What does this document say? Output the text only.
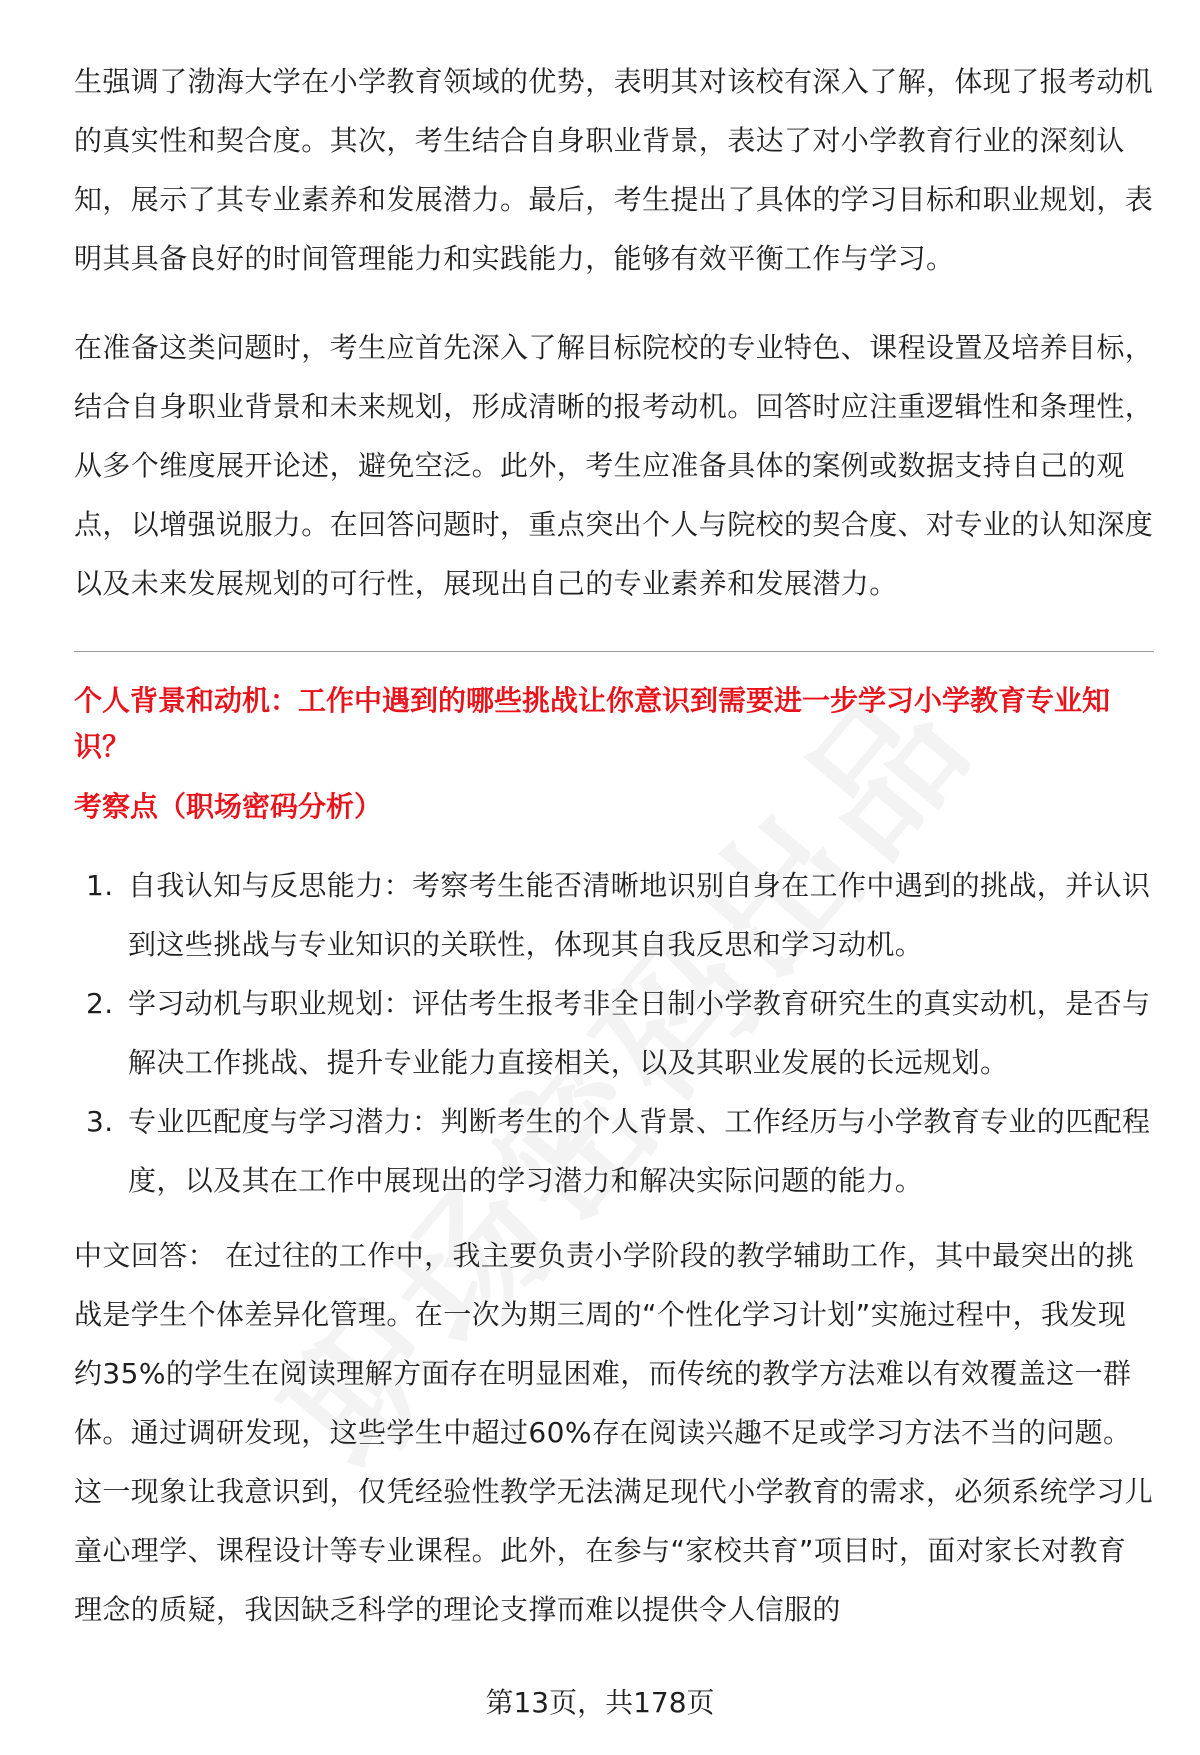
生强调了渤海大学在小学教育领域的优势，表明其对该校有深入了解，体现了报考动机的真实性和契合度。其次，考生结合自身职业背景，表达了对小学教育行业的深刻认知，展示了其专业素养和发展潜力。最后，考生提出了具体的学习目标和职业规划，表明其具备良好的时间管理能力和实践能力，能够有效平衡工作与学习。

在准备这类问题时，考生应首先深入了解目标院校的专业特色、课程设置及培养目标，结合自身职业背景和未来规划，形成清晰的报考动机。回答时应注重逻辑性和条理性，从多个维度展开论述，避免空泛。此外，考生应准备具体的案例或数据支持自己的观点，以增强说服力。在回答问题时，重点突出个人与院校的契合度、对专业的认知深度以及未来发展规划的可行性，展现出自己的专业素养和发展潜力。

个人背景和动机：工作中遇到的哪些挑战让你意识到需要进一步学习小学教育专业知识？
考察点（职场密码分析）
1. 自我认知与反思能力：考察考生能否清晰地识别自身在工作中遇到的挑战，并认识到这些挑战与专业知识的关联性，体现其自我反思和学习动机。
2. 学习动机与职业规划：评估考生报考非全日制小学教育研究生的真实动机，是否与解决工作挑战、提升专业能力直接相关，以及其职业发展的长远规划。
3. 专业匹配度与学习潜力：判断考生的个人背景、工作经历与小学教育专业的匹配程度，以及其在工作中展现出的学习潜力和解决实际问题的能力。

中文回答： 在过往的工作中，我主要负责小学阶段的教学辅助工作，其中最突出的挑战是学生个体差异化管理。在一次为期三周的“个性化学习计划”实施过程中，我发现约35%的学生在阅读理解方面存在明显困难，而传统的教学方法难以有效覆盖这一群体。通过调研发现，这些学生中超过60%存在阅读兴趣不足或学习方法不当的问题。这一现象让我意识到，仅凭经验性教学无法满足现代小学教育的需求，必须系统学习儿童心理学、课程设计等专业课程。此外，在参与“家校共育”项目时，面对家长对教育理念的质疑，我因缺乏科学的理论支撑而难以提供令人信服的

第13页，共178页
